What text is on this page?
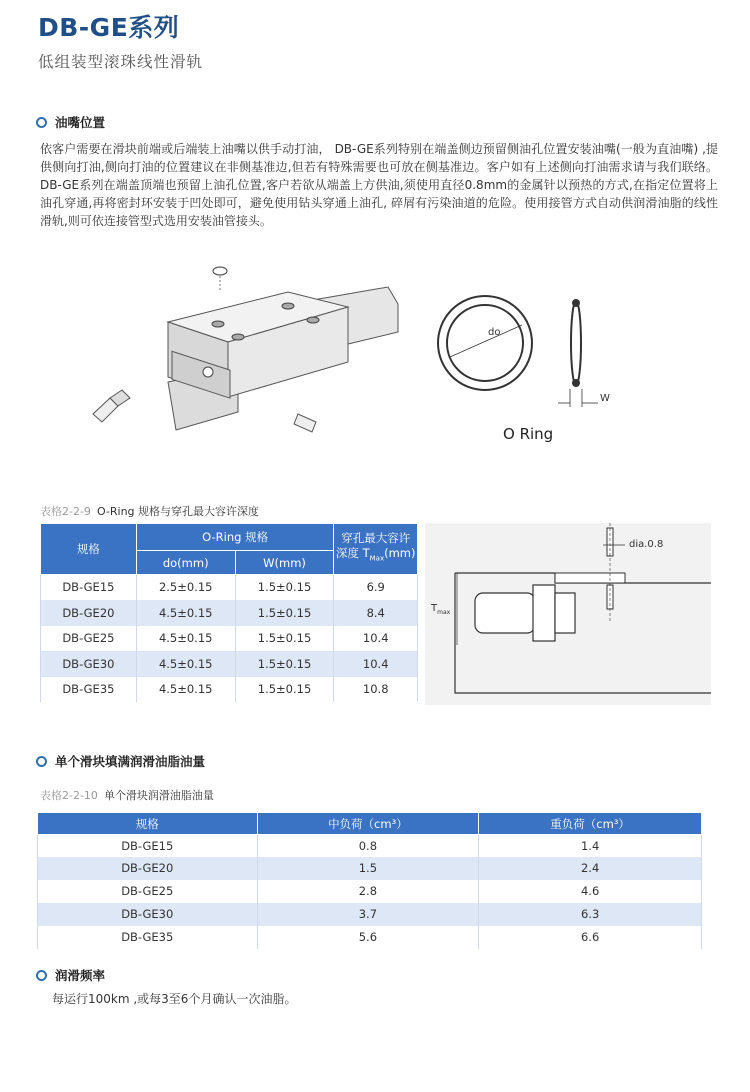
DB-GE系列
低组装型滚珠线性滑轨
油嘴位置
依客户需要在滑块前端或后端装上油嘴以供手动打油， DB-GE系列特别在端盖侧边预留侧油孔位置安装油嘴(一般为直油嘴) ,提供侧向打油,侧向打油的位置建议在非侧基准边,但若有特殊需要也可放在侧基准边。客户如有上述侧向打油需求请与我们联络。DB-GE系列在端盖顶端也预留上油孔位置,客户若欲从端盖上方供油,须使用直径0.8mm的金属针以预热的方式,在指定位置将上油孔穿通,再将密封环安装于凹处即可，避免使用钻头穿通上油孔, 碎屑有污染油道的危险。使用接管方式自动供润滑油脂的线性滑轨,则可依连接管型式选用安装油管接头。
do
W
O Ring
表格2-2-9 O-Ring 规格与穿孔最大容许深度
规格	O-Ring 规格		穿孔最大容许
深度 $T_{Max}(mm)$
	do(mm)	W(mm)	
DB-GE15	2.5±0.15	1.5±0.15	6.9
DB-GE20	4.5±0.15	1.5±0.15	8.4
DB-GE25	4.5±0.15	1.5±0.15	10.4
DB-GE30	4.5±0.15	1.5±0.15	10.4
DB-GE35	4.5±0.15	1.5±0.15	10.8
dia.0.8
$T_{max}$
单个滑块填满润滑油脂油量
表格2-2-10 单个滑块润滑油脂油量
规格	中负荷（cm³）	重负荷（cm³）
DB-GE15	0.8	1.4
DB-GE20	1.5	2.4
DB-GE25	2.8	4.6
DB-GE30	3.7	6.3
DB-GE35	5.6	6.6
润滑频率
每运行100km ,或每3至6个月确认一次油脂。
